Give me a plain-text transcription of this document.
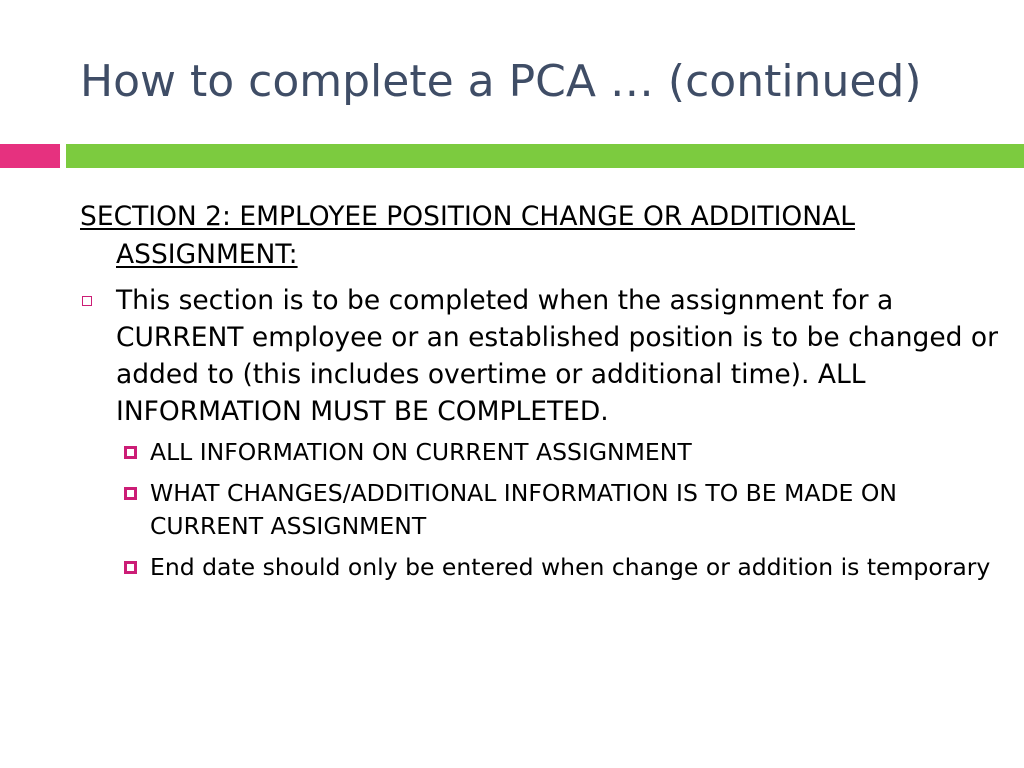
How to complete a PCA … (continued)

SECTION 2: EMPLOYEE POSITION CHANGE OR ADDITIONAL ASSIGNMENT:

This section is to be completed when the assignment for a CURRENT employee or an established position is to be changed or added to (this includes overtime or additional time). ALL INFORMATION MUST BE COMPLETED.
ALL INFORMATION ON CURRENT ASSIGNMENT
WHAT CHANGES/ADDITIONAL INFORMATION IS TO BE MADE ON CURRENT ASSIGNMENT
End date should only be entered when change or addition is temporary
